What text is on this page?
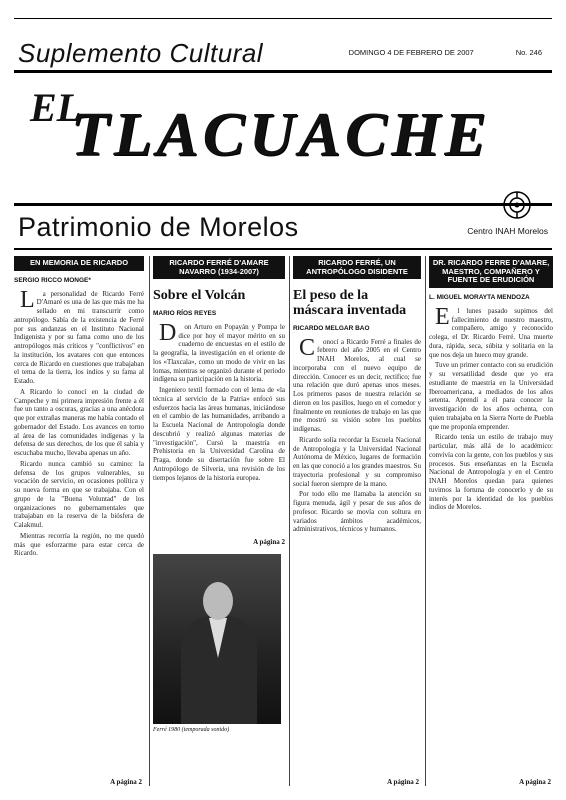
Suplemento Cultural	DOMINGO 4 DE FEBRERO DE 2007	No. 246
EL
TLACUACHE
Patrimonio de Morelos	Centro INAH Morelos
EN MEMORIA DE RICARDO
SERGIO RICCO MONGE*

La personalidad de Ricardo Ferré D'Amaré es una de las que más me ha sellado en mi transcurrir como antropólogo. Sabía de la existencia de Ferré por sus andanzas en el Instituto Nacional Indigenista y por su fama como uno de los antropólogos más críticos y "conflictivos" en la institución, los avatares con que entonces cerca de Ricardo en cuestiones que trabajaban el tema de la tierra, los indios y su fama al Estado.

A Ricardo lo conocí en la ciudad de Campeche y mi primera impresión frente a él fue un tanto a oscuras, gracias a una anécdota que por extrañas maneras me había contado el gobernador del Estado. Los avances en torno al área de las comunidades indígenas y la defensa de sus derechos, de los que él sabía y escuchaba mucho, llevaba apenas un año.

Ricardo nunca cambió su camino: la defensa de los grupos vulnerables, su vocación de servicio, en ocasiones política y su nueva forma en que se trabajaba. Con el grupo de la "Buena Voluntad" de los organizaciones no gubernamentales que trabajaban en la reserva de la biósfera de Calakmul.

Mientras recorría la región, no me quedó más que esforzarme para estar cerca de Ricardo.

A página 2
RICARDO FERRÉ D'AMARE NAVARRO (1934-2007)
Sobre el Volcán
MARIO RÍOS REYES

Don Arturo en Popayán y Pompa le dice por hoy el mayor mérito en su cuaderno de encuestas en el estilo de la geografía, la investigación en el oriente de los «Tlaxcala», como un modo de vivir en las lomas, mientras se organizó durante el periodo indígena su participación en la historia.

Ingeniero textil formado con el lema de «la técnica al servicio de la Patria» enfocó sus esfuerzos hacia las áreas humanas, iniciándose en el cambio de las humanidades, arribando a la Escuela Nacional de Antropología donde descubrió y realizó algunas materias de "investigación", Cursó la maestría en Prehistoria en la Universidad Carolina de Praga, donde su disertación fue sobre El Antropólogo de Silveria, una revisión de los tiempos lejanos de la historia europea.

A página 2
Ferré 1980 (temporada sonido)
RICARDO FERRÉ, UN ANTROPÓLOGO DISIDENTE
El peso de la máscara inventada
RICARDO MELGAR BAO

Conocí a Ricardo Ferré a finales de febrero del año 2005 en el Centro INAH Morelos, al cual se incorporaba con el nuevo equipo de dirección. Conocer es un decir, rectifico; fue una relación que duró apenas unos meses. Los primeros pasos de nuestra relación se dieron en los pasillos, luego en el comedor y finalmente en reuniones de trabajo en las que me mostró su visión sobre los pueblos indígenas.

Ricardo solía recordar la Escuela Nacional de Antropología y la Universidad Nacional Autónoma de México, lugares de formación en las que conoció a los grandes maestros. Su trayectoria profesional y su compromiso social fueron siempre de la mano.

Por todo ello me llamaba la atención su figura menuda, ágil y pesar de sus años de profesor. Ricardo se movía con soltura en variados ámbitos académicos, administrativos, técnicos y humanos.

A página 2
DR. RICARDO FERRE D'AMARE, MAESTRO, COMPAÑERO Y FUENTE DE ERUDICIÓN
L. MIGUEL MORAYTA MENDOZA

El lunes pasado supimos del fallecimiento de nuestro maestro, compañero, amigo y reconocido colega, el Dr. Ricardo Ferré. Una muerte dura, rápida, seca, súbita y solitaria en la que nos deja un hueco muy grande.

Tuve un primer contacto con su erudición y su versatilidad desde que yo era estudiante de maestría en la Universidad Iberoamericana, a mediados de los años setenta. Aprendí a él para conocer la investigación de los años ochenta, con quien trabajaba en la Sierra Norte de Puebla que me proponía emprender.

Ricardo tenía un estilo de trabajo muy particular, más allá de lo académico: convivía con la gente, con los pueblos y sus procesos. Sus enseñanzas en la Escuela Nacional de Antropología y en el Centro INAH Morelos quedan para quienes tuvimos la fortuna de conocerlo y de su interés por la identidad de los pueblos indios de Morelos.

A página 2
